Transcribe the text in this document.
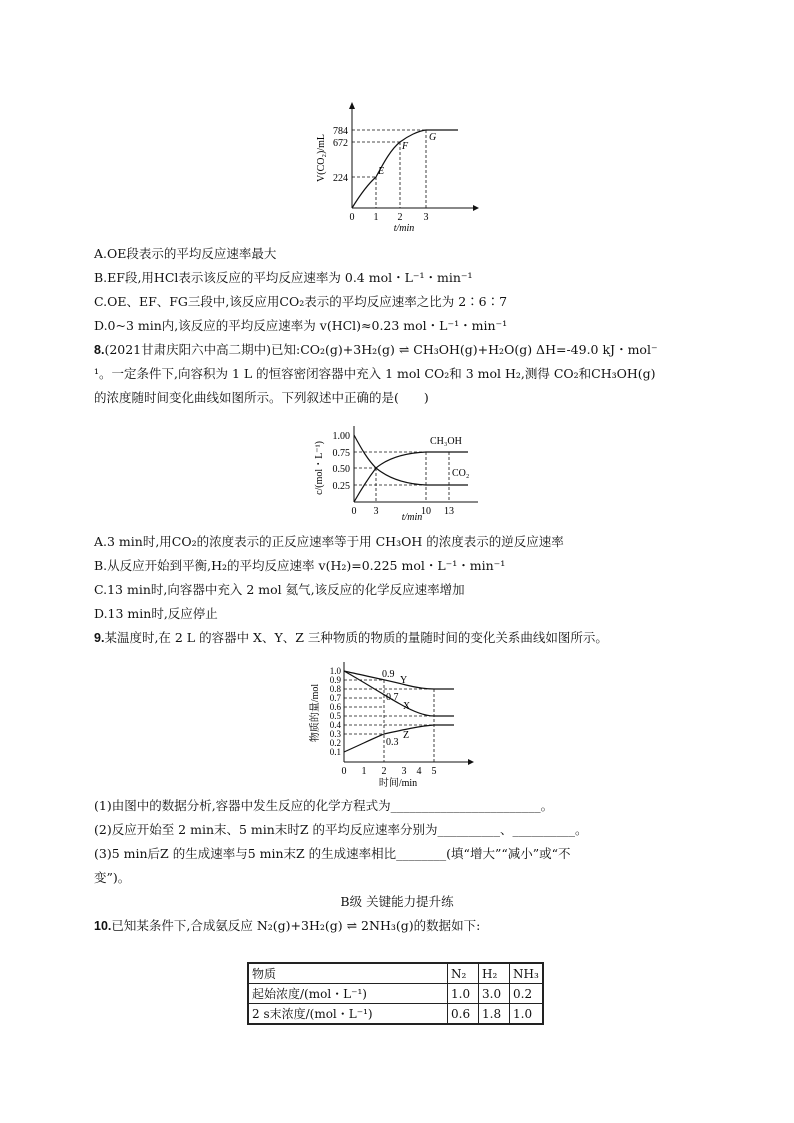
784
672
224
0 1 2 3
E
F
G
t/min
V(CO₂)/mL
A.OE段表示的平均反应速率最大
B.EF段,用HCl表示该反应的平均反应速率为 0.4 mol・L⁻¹・min⁻¹
C.OE、EF、FG三段中,该反应用CO₂表示的平均反应速率之比为 2∶6∶7
D.0~3 min内,该反应的平均反应速率为 v(HCl)≈0.23 mol・L⁻¹・min⁻¹
8.(2021甘肃庆阳六中高二期中)已知:CO₂(g)+3H₂(g) ⇌ CH₃OH(g)+H₂O(g) ΔH=-49.0 kJ・mol⁻
¹。一定条件下,向容积为 1 L 的恒容密闭容器中充入 1 mol CO₂和 3 mol H₂,测得 CO₂和CH₃OH(g)
的浓度随时间变化曲线如图所示。下列叙述中正确的是(　　)
1.00
0.75
0.50
0.25
0 3	10 13
CH₃OH
CO₂
t/min
c/(mol・L⁻¹)
A.3 min时,用CO₂的浓度表示的正反应速率等于用 CH₃OH 的浓度表示的逆反应速率
B.从反应开始到平衡,H₂的平均反应速率 v(H₂)=0.225 mol・L⁻¹・min⁻¹
C.13 min时,向容器中充入 2 mol 氦气,该反应的化学反应速率增加
D.13 min时,反应停止
9.某温度时,在 2 L 的容器中 X、Y、Z 三种物质的物质的量随时间的变化关系曲线如图所示。
1.0
0.9
0.8
0.7
0.6
0.5
0.4
0.3
0.2
0.1
0 1 2 3 4 5
0.9
Y
0.7
X
0.3
Z
时间/min
物质的量/mol
(1)由图中的数据分析,容器中发生反应的化学方程式为________________________。
(2)反应开始至 2 min末、5 min末时Z 的平均反应速率分别为__________、__________。
(3)5 min后Z 的生成速率与5 min末Z 的生成速率相比________(填“增大”“减小”或“不
变”)。
B级 关键能力提升练
10.已知某条件下,合成氨反应 N₂(g)+3H₂(g) ⇌ 2NH₃(g)的数据如下:
物质	N₂	H₂	NH₃
起始浓度/(mol・L⁻¹)	1.0	3.0	0.2
2 s末浓度/(mol・L⁻¹)	0.6	1.8	1.0
